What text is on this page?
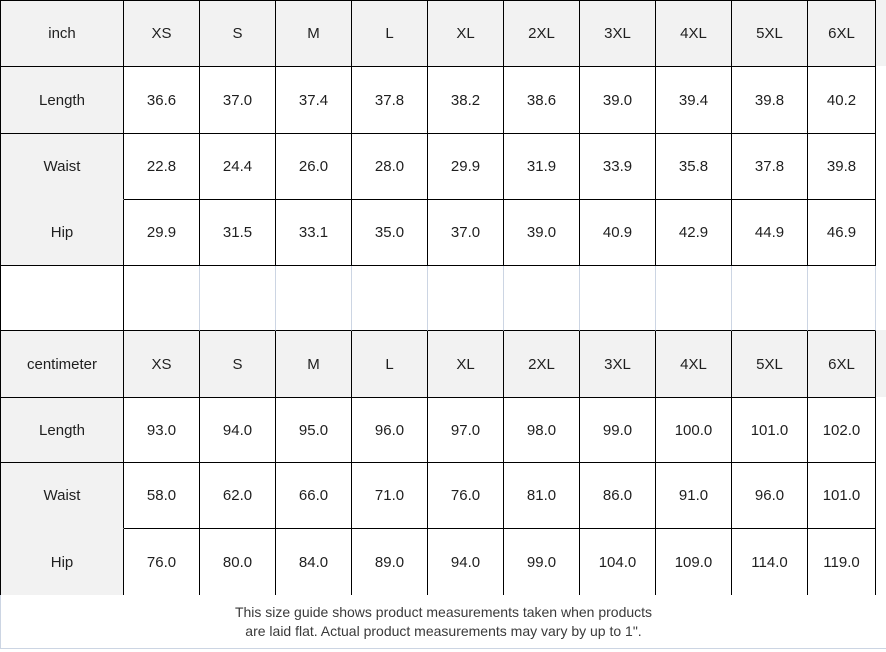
inch	XS	S	M	L	XL	2XL	3XL	4XL	5XL	6XL
Length	36.6	37.0	37.4	37.8	38.2	38.6	39.0	39.4	39.8	40.2
Waist	22.8	24.4	26.0	28.0	29.9	31.9	33.9	35.8	37.8	39.8
Hip	29.9	31.5	33.1	35.0	37.0	39.0	40.9	42.9	44.9	46.9

centimeter	XS	S	M	L	XL	2XL	3XL	4XL	5XL	6XL
Length	93.0	94.0	95.0	96.0	97.0	98.0	99.0	100.0	101.0	102.0
Waist	58.0	62.0	66.0	71.0	76.0	81.0	86.0	91.0	96.0	101.0
Hip	76.0	80.0	84.0	89.0	94.0	99.0	104.0	109.0	114.0	119.0
This size guide shows product measurements taken when products
are laid flat. Actual product measurements may vary by up to 1".
